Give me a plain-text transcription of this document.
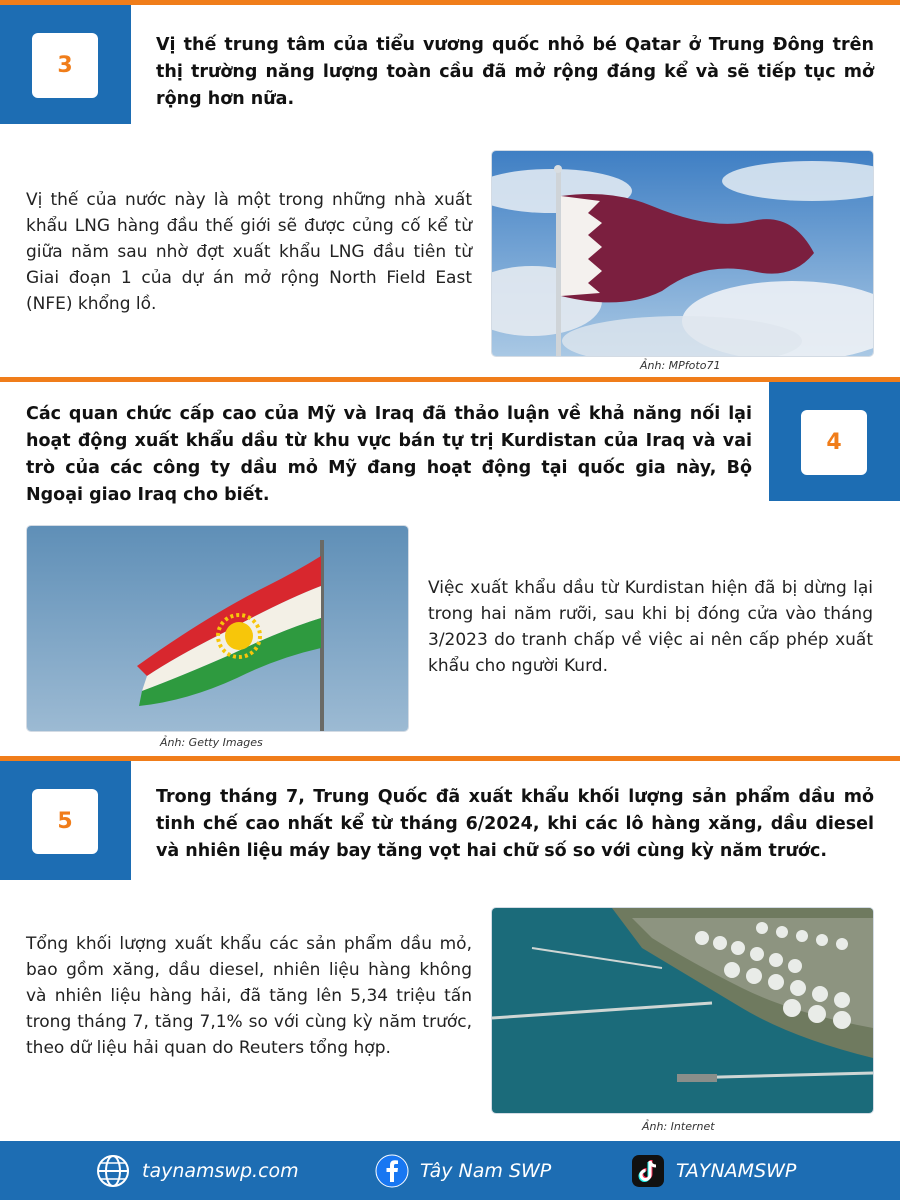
3
Vị thế trung tâm của tiểu vương quốc nhỏ bé Qatar ở Trung Đông trên thị trường năng lượng toàn cầu đã mở rộng đáng kể và sẽ tiếp tục mở rộng hơn nữa.
Vị thế của nước này là một trong những nhà xuất khẩu LNG hàng đầu thế giới sẽ được củng cố kể từ giữa năm sau nhờ đợt xuất khẩu LNG đầu tiên từ Giai đoạn 1 của dự án mở rộng North Field East (NFE) khổng lồ.
Ảnh: MPfoto71
4
Các quan chức cấp cao của Mỹ và Iraq đã thảo luận về khả năng nối lại hoạt động xuất khẩu dầu từ khu vực bán tự trị Kurdistan của Iraq và vai trò của các công ty dầu mỏ Mỹ đang hoạt động tại quốc gia này, Bộ Ngoại giao Iraq cho biết.
Ảnh: Getty Images
Việc xuất khẩu dầu từ Kurdistan hiện đã bị dừng lại trong hai năm rưỡi, sau khi bị đóng cửa vào tháng 3/2023 do tranh chấp về việc ai nên cấp phép xuất khẩu cho người Kurd.
5
Trong tháng 7, Trung Quốc đã xuất khẩu khối lượng sản phẩm dầu mỏ tinh chế cao nhất kể từ tháng 6/2024, khi các lô hàng xăng, dầu diesel và nhiên liệu máy bay tăng vọt hai chữ số so với cùng kỳ năm trước.
Tổng khối lượng xuất khẩu các sản phẩm dầu mỏ, bao gồm xăng, dầu diesel, nhiên liệu hàng không và nhiên liệu hàng hải, đã tăng lên 5,34 triệu tấn trong tháng 7, tăng 7,1% so với cùng kỳ năm trước, theo dữ liệu hải quan do Reuters tổng hợp.
Ảnh: Internet
taynamswp.com	Tây Nam SWP	TAYNAMSWP
